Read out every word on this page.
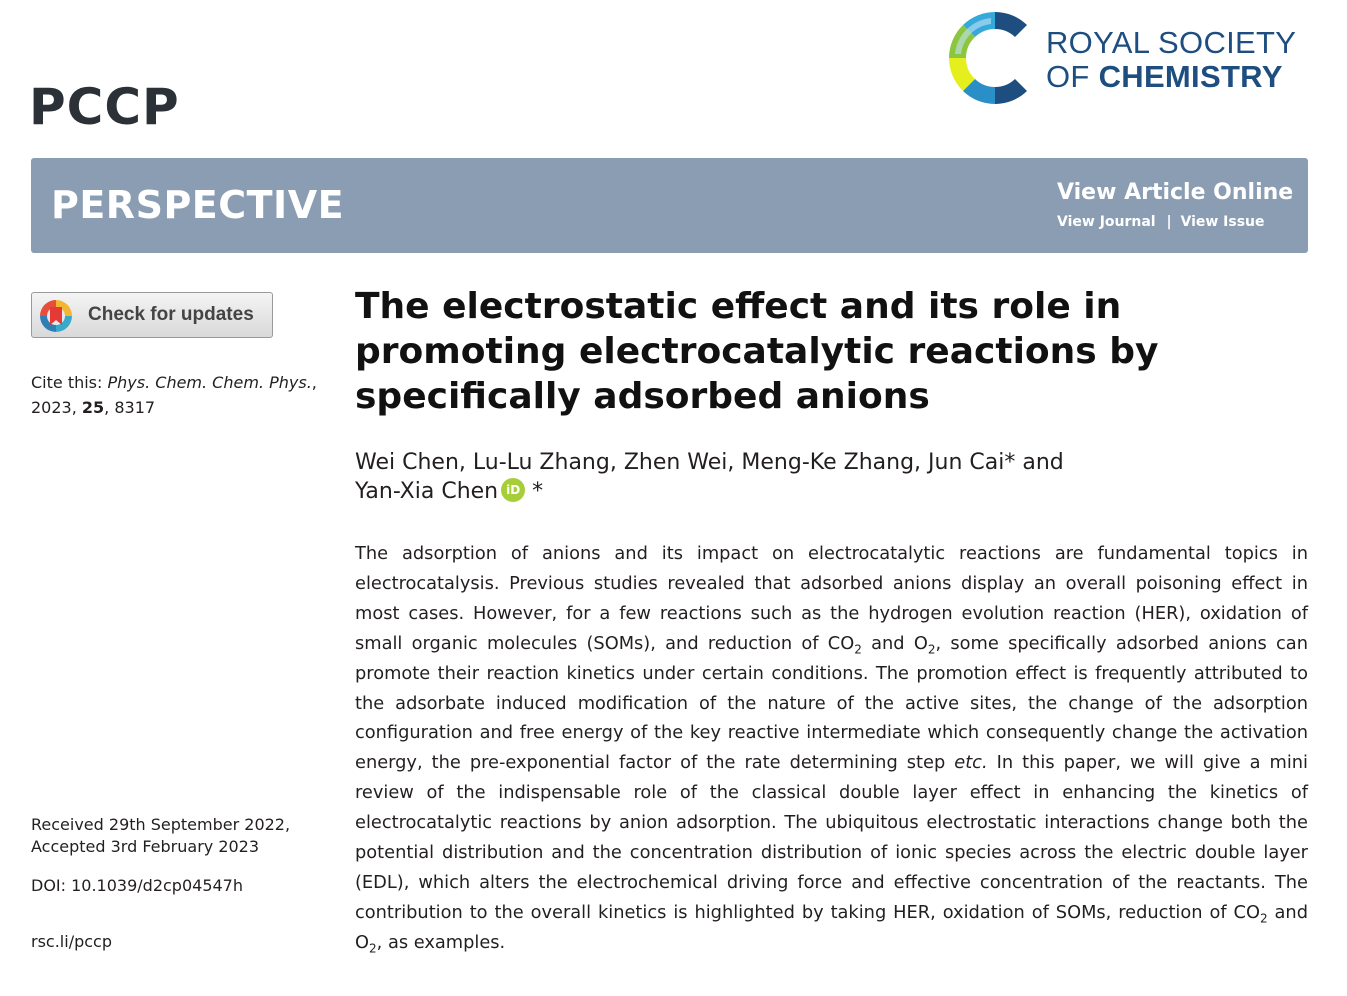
PCCP
ROYAL SOCIETY
OF CHEMISTRY
PERSPECTIVE	View Article Online
View Journal | View Issue
Check for updates
Cite this: Phys. Chem. Chem. Phys.,
2023, 25, 8317
Received 29th September 2022,
Accepted 3rd February 2023
DOI: 10.1039/d2cp04547h
rsc.li/pccp
The electrostatic effect and its role in promoting electrocatalytic reactions by specifically adsorbed anions
Wei Chen, Lu-Lu Zhang, Zhen Wei, Meng-Ke Zhang, Jun Cai* and
Yan-Xia Chen iD *

The adsorption of anions and its impact on electrocatalytic reactions are fundamental topics in electrocatalysis. Previous studies revealed that adsorbed anions display an overall poisoning effect in most cases. However, for a few reactions such as the hydrogen evolution reaction (HER), oxidation of small organic molecules (SOMs), and reduction of $CO_2$ and $O_2$, some specifically adsorbed anions can promote their reaction kinetics under certain conditions. The promotion effect is frequently attributed to the adsorbate induced modification of the nature of the active sites, the change of the adsorption configuration and free energy of the key reactive intermediate which consequently change the activation energy, the pre-exponential factor of the rate determining step etc. In this paper, we will give a mini review of the indispensable role of the classical double layer effect in enhancing the kinetics of electrocatalytic reactions by anion adsorption. The ubiquitous electrostatic interactions change both the potential distribution and the concentration distribution of ionic species across the electric double layer (EDL), which alters the electrochemical driving force and effective concentration of the reactants. The contribution to the overall kinetics is highlighted by taking HER, oxidation of SOMs, reduction of $CO_2$ and $O_2$, as examples.
